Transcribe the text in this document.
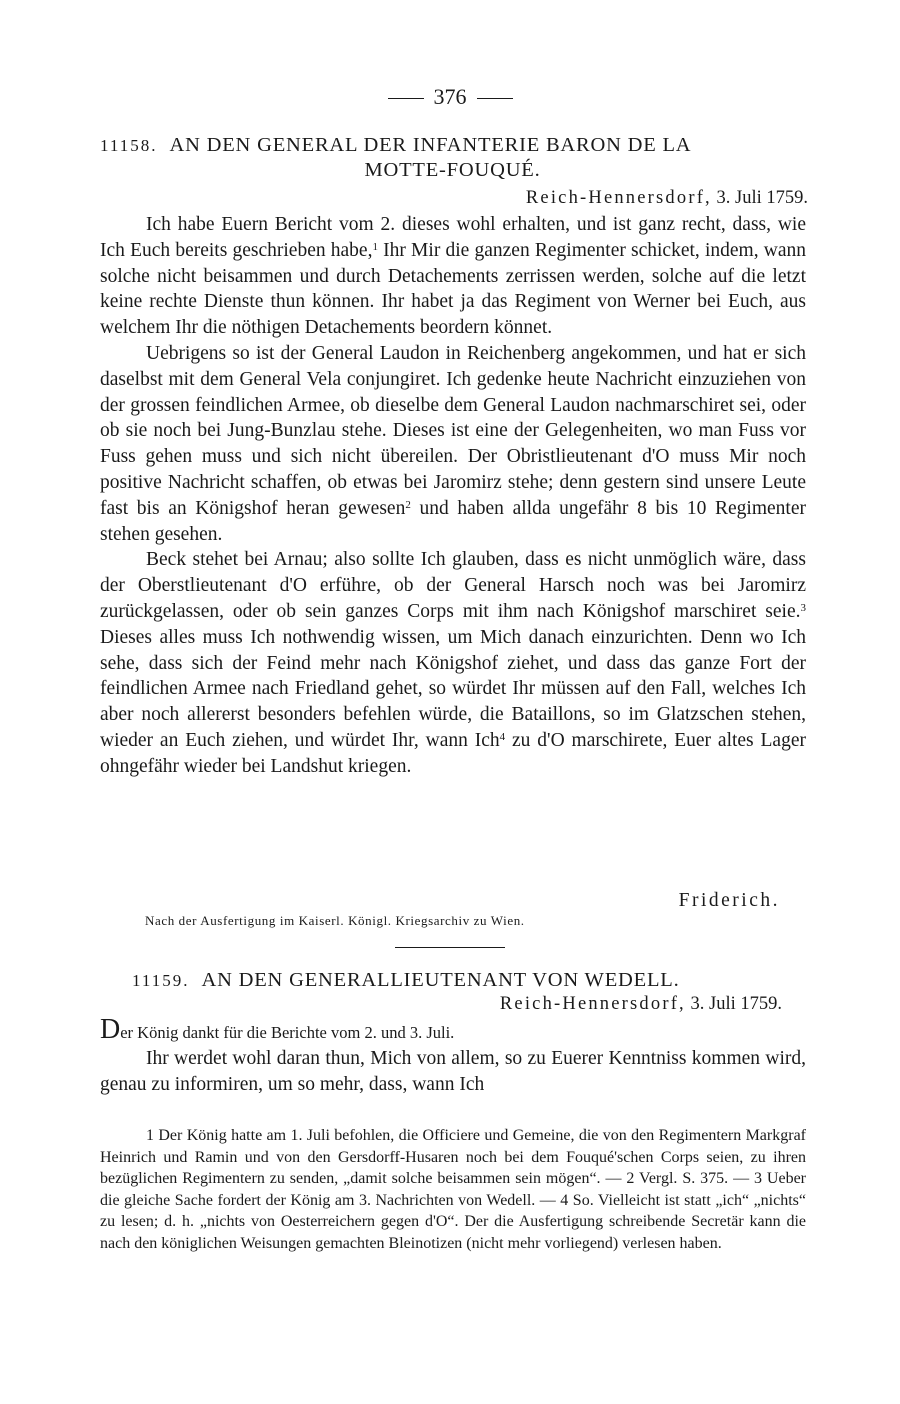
376
11158. AN DEN GENERAL DER INFANTERIE BARON DE LA
MOTTE-FOUQUÉ.
Reich-Hennersdorf, 3. Juli 1759.

Ich habe Euern Bericht vom 2. dieses wohl erhalten, und ist ganz recht, dass, wie Ich Euch bereits geschrieben habe,$^1$ Ihr Mir die ganzen Regimenter schicket, indem, wann solche nicht beisammen und durch Detachements zerrissen werden, solche auf die letzt keine rechte Dienste thun können. Ihr habet ja das Regiment von Werner bei Euch, aus welchem Ihr die nöthigen Detachements beordern könnet.

Uebrigens so ist der General Laudon in Reichenberg angekommen, und hat er sich daselbst mit dem General Vela conjungiret. Ich gedenke heute Nachricht einzuziehen von der grossen feindlichen Armee, ob dieselbe dem General Laudon nachmarschiret sei, oder ob sie noch bei Jung-Bunzlau stehe. Dieses ist eine der Gelegenheiten, wo man Fuss vor Fuss gehen muss und sich nicht übereilen. Der Obristlieutenant d'O muss Mir noch positive Nachricht schaffen, ob etwas bei Jaromirz stehe; denn gestern sind unsere Leute fast bis an Königshof heran gewesen$^2$ und haben allda ungefähr 8 bis 10 Regimenter stehen gesehen.

Beck stehet bei Arnau; also sollte Ich glauben, dass es nicht unmöglich wäre, dass der Oberstlieutenant d'O erführe, ob der General Harsch noch was bei Jaromirz zurückgelassen, oder ob sein ganzes Corps mit ihm nach Königshof marschiret seie.$^3$ Dieses alles muss Ich nothwendig wissen, um Mich danach einzurichten. Denn wo Ich sehe, dass sich der Feind mehr nach Königshof ziehet, und dass das ganze Fort der feindlichen Armee nach Friedland gehet, so würdet Ihr müssen auf den Fall, welches Ich aber noch allererst besonders befehlen würde, die Bataillons, so im Glatzschen stehen, wieder an Euch ziehen, und würdet Ihr, wann Ich$^4$ zu d'O marschirete, Euer altes Lager ohngefähr wieder bei Landshut kriegen.

Friderich.
Nach der Ausfertigung im Kaiserl. Königl. Kriegsarchiv zu Wien.
11159. AN DEN GENERALLIEUTENANT VON WEDELL.
Reich-Hennersdorf, 3. Juli 1759.

Der König dankt für die Berichte vom 2. und 3. Juli.

Ihr werdet wohl daran thun, Mich von allem, so zu Euerer Kenntniss kommen wird, genau zu informiren, um so mehr, dass, wann Ich

1 Der König hatte am 1. Juli befohlen, die Officiere und Gemeine, die von den Regimentern Markgraf Heinrich und Ramin und von den Gersdorff-Husaren noch bei dem Fouqué'schen Corps seien, zu ihren bezüglichen Regimentern zu senden, „damit solche beisammen sein mögen“. — 2 Vergl. S. 375. — 3 Ueber die gleiche Sache fordert der König am 3. Nachrichten von Wedell. — 4 So. Vielleicht ist statt „ich“ „nichts“ zu lesen; d. h. „nichts von Oesterreichern gegen d'O“. Der die Ausfertigung schreibende Secretär kann die nach den königlichen Weisungen gemachten Bleinotizen (nicht mehr vorliegend) verlesen haben.
